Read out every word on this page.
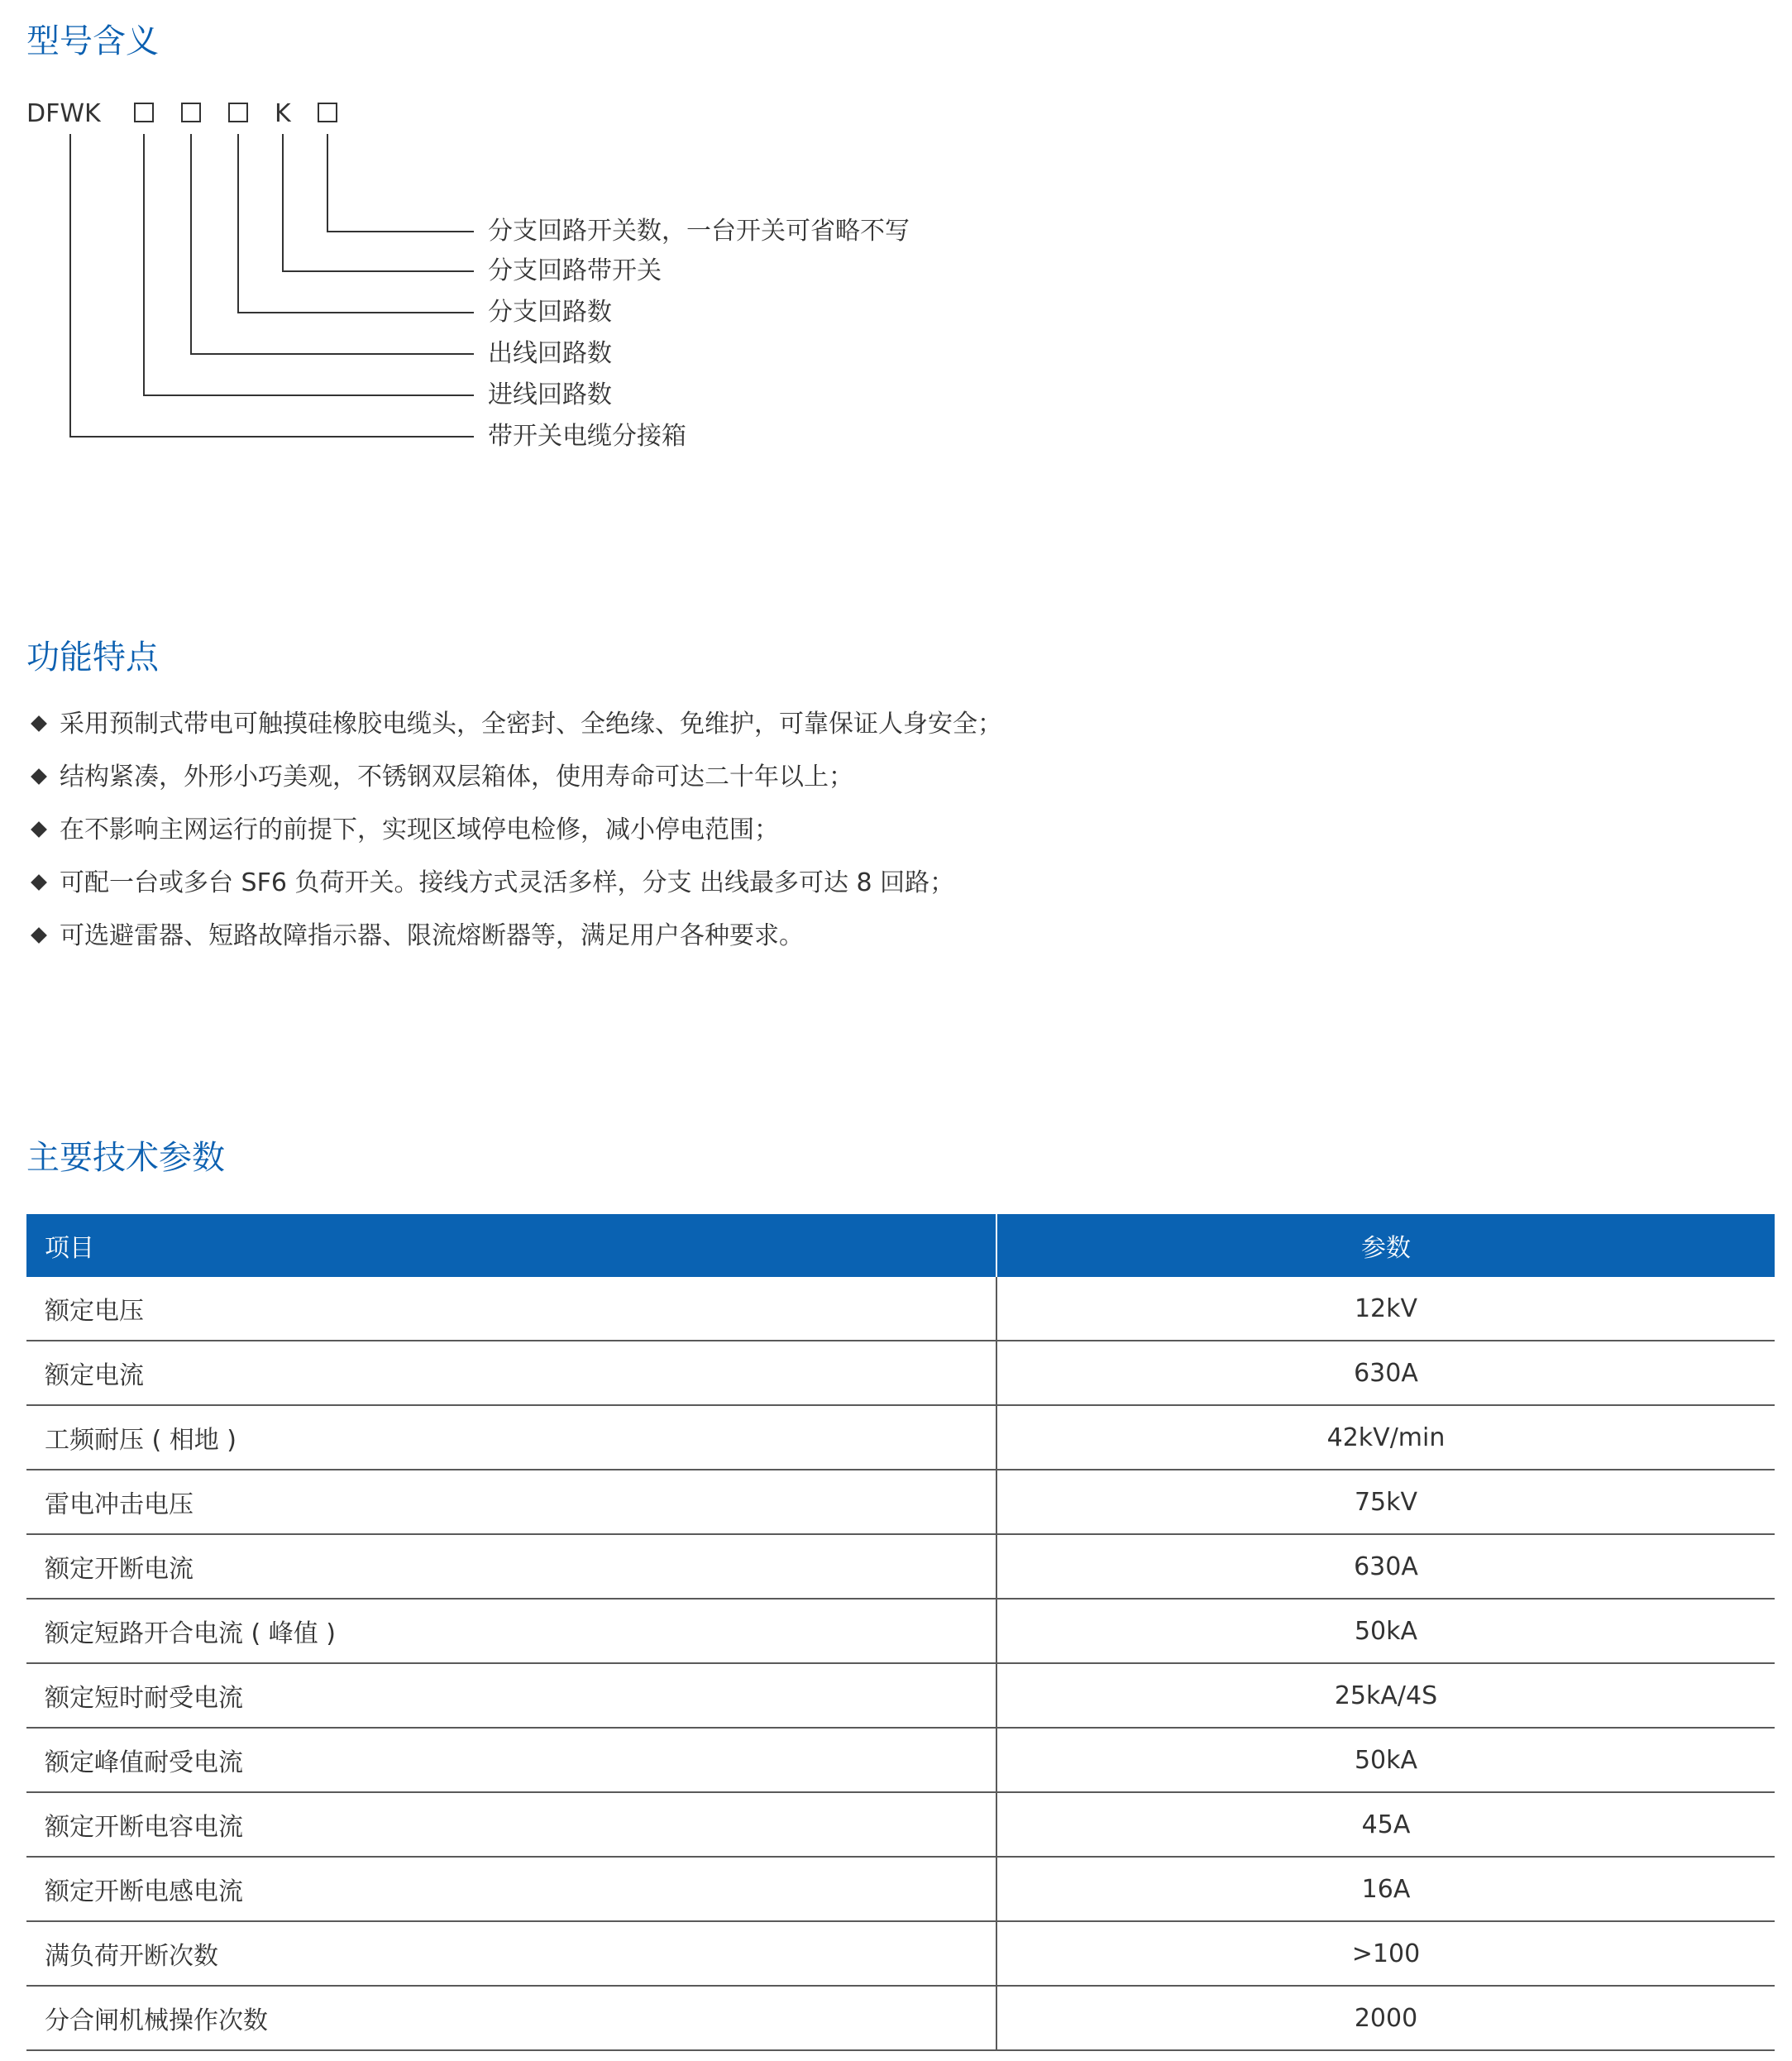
型号含义
DFWK	K
分支回路开关数，一台开关可省略不写
分支回路带开关
分支回路数
出线回路数
进线回路数
带开关电缆分接箱
功能特点
采用预制式带电可触摸硅橡胶电缆头，全密封、全绝缘、免维护，可靠保证人身安全；
结构紧凑，外形小巧美观，不锈钢双层箱体，使用寿命可达二十年以上；
在不影响主网运行的前提下，实现区域停电检修，减小停电范围；
可配一台或多台 SF6 负荷开关。接线方式灵活多样，分支 出线最多可达 8 回路；
可选避雷器、短路故障指示器、限流熔断器等，满足用户各种要求。
主要技术参数
项目	参数
额定电压	12kV
额定电流	630A
工频耐压 ( 相地 )	42kV/min
雷电冲击电压	75kV
额定开断电流	630A
额定短路开合电流 ( 峰值 )	50kA
额定短时耐受电流	25kA/4S
额定峰值耐受电流	50kA
额定开断电容电流	45A
额定开断电感电流	16A
满负荷开断次数	>100
分合闸机械操作次数	2000
